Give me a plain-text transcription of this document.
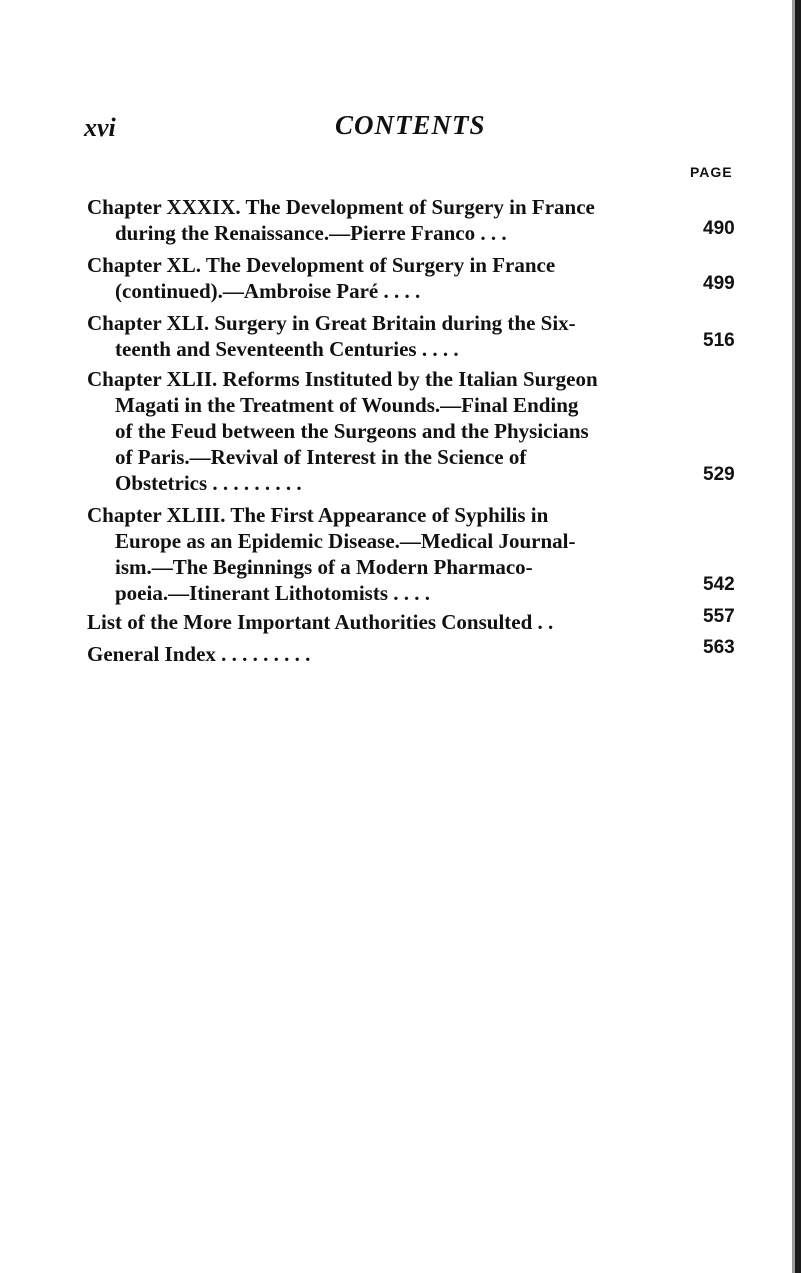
xvi	CONTENTS
PAGE
Chapter XXXIX. The Development of Surgery in France
during the Renaissance.—Pierre Franco . . .	490
Chapter XL. The Development of Surgery in France
(continued).—Ambroise Paré . . . .	499
Chapter XLI. Surgery in Great Britain during the Six-
teenth and Seventeenth Centuries . . . .	516
Chapter XLII. Reforms Instituted by the Italian Surgeon
Magati in the Treatment of Wounds.—Final Ending
of the Feud between the Surgeons and the Physicians
of Paris.—Revival of Interest in the Science of
Obstetrics . . . . . . . . .	529
Chapter XLIII. The First Appearance of Syphilis in
Europe as an Epidemic Disease.—Medical Journal-
ism.—The Beginnings of a Modern Pharmaco-
poeia.—Itinerant Lithotomists . . . .	542
List of the More Important Authorities Consulted . .	557
General Index . . . . . . . . .	563
